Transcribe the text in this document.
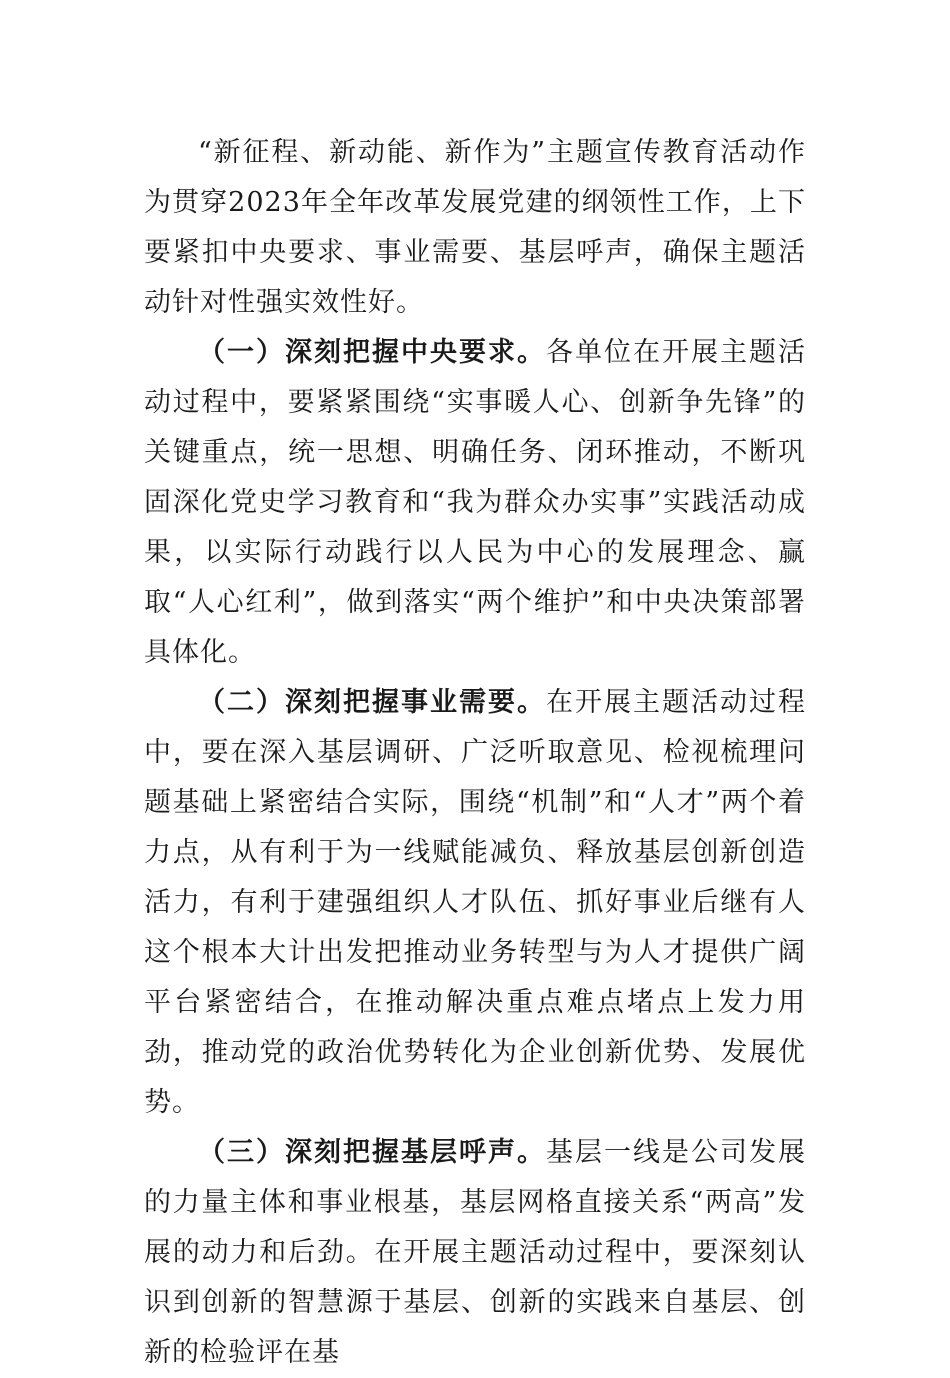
“新征程、新动能、新作为”主题宣传教育活动作为贯穿2023年全年改革发展党建的纲领性工作，上下要紧扣中央要求、事业需要、基层呼声，确保主题活动针对性强实效性好。

（一）深刻把握中央要求。各单位在开展主题活动过程中，要紧紧围绕“实事暖人心、创新争先锋”的关键重点，统一思想、明确任务、闭环推动，不断巩固深化党史学习教育和“我为群众办实事”实践活动成果，以实际行动践行以人民为中心的发展理念、赢取“人心红利”，做到落实“两个维护”和中央决策部署具体化。

（二）深刻把握事业需要。在开展主题活动过程中，要在深入基层调研、广泛听取意见、检视梳理问题基础上紧密结合实际，围绕“机制”和“人才”两个着力点，从有利于为一线赋能减负、释放基层创新创造活力，有利于建强组织人才队伍、抓好事业后继有人这个根本大计出发把推动业务转型与为人才提供广阔平台紧密结合，在推动解决重点难点堵点上发力用劲，推动党的政治优势转化为企业创新优势、发展优势。

（三）深刻把握基层呼声。基层一线是公司发展的力量主体和事业根基，基层网格直接关系“两高”发展的动力和后劲。在开展主题活动过程中，要深刻认识到创新的智慧源于基层、创新的实践来自基层、创新的检验评在基
